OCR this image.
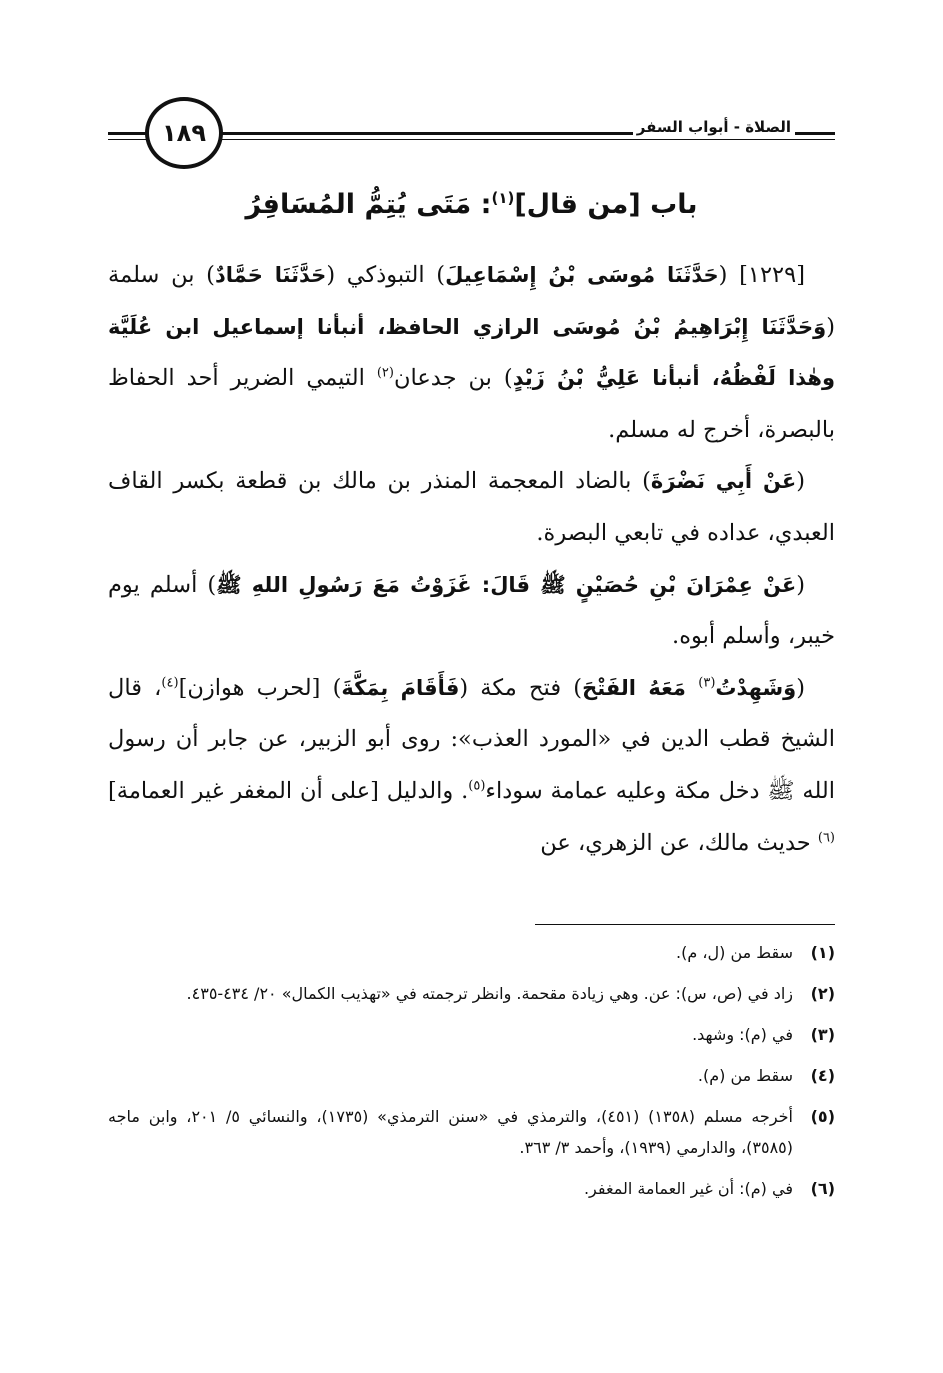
١٨٩	الصلاة - أبواب السفر
باب [من قال]$^{(١)}$: مَتَى يُتِمُّ المُسَافِرُ

[١٢٢٩] (حَدَّثَنَا مُوسَى بْنُ إِسْمَاعِيلَ) التبوذكي (حَدَّثَنَا حَمَّادٌ) بن سلمة (وَحَدَّثَنَا إِبْرَاهِيمُ بْنُ مُوسَى الرازي الحافظ، أنبأنا إسماعيل ابن عُلَيَّة وهٰذا لَفْظُهُ، أنبأنا عَلِيُّ بْنُ زَيْدٍ) بن جدعان$^{(٢)}$ التيمي الضرير أحد الحفاظ بالبصرة، أخرج له مسلم.

(عَنْ أَبِي نَضْرَةَ) بالضاد المعجمة المنذر بن مالك بن قطعة بكسر القاف العبدي، عداده في تابعي البصرة.

(عَنْ عِمْرَانَ بْنِ حُصَيْنٍ ﷺ قَالَ: غَزَوْتُ مَعَ رَسُولِ اللهِ ﷺ) أسلم يوم خيبر، وأسلم أبوه.

(وَشَهِدْتُ$^{(٣)}$ مَعَهُ الفَتْحَ) فتح مكة (فَأَقَامَ بِمَكَّةَ) [لحرب هوازن]$^{(٤)}$، قال الشيخ قطب الدين في «المورد العذب»: روى أبو الزبير، عن جابر أن رسول الله ﷺ دخل مكة وعليه عمامة سوداء$^{(٥)}$. والدليل [على أن المغفر غير العمامة]$^{(٦)}$ حديث مالك، عن الزهري، عن

(١)
سقط من (ل، م).
(٢)
زاد في (ص، س): عن. وهي زيادة مقحمة. وانظر ترجمته في «تهذيب الكمال» ٢٠/ ٤٣٤-٤٣٥.
(٣)
في (م): وشهد.
(٤)
سقط من (م).
(٥)
أخرجه مسلم (١٣٥٨) (٤٥١)، والترمذي في «سنن الترمذي» (١٧٣٥)، والنسائي ٥/ ٢٠١، وابن ماجه (٣٥٨٥)، والدارمي (١٩٣٩)، وأحمد ٣/ ٣٦٣.
(٦)
في (م): أن غير العمامة المغفر.
